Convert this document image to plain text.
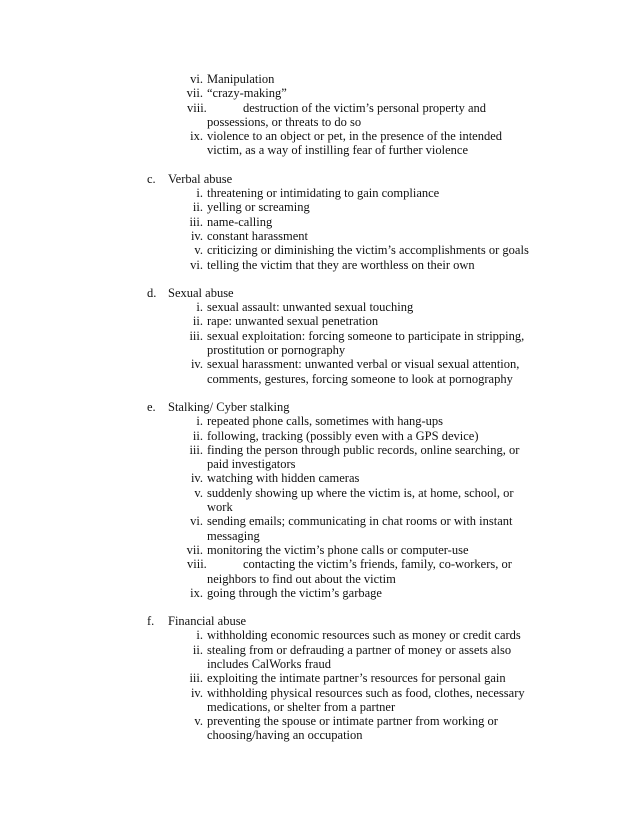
vi. Manipulation
vii. “crazy-making”
viii.	destruction of the victim’s personal property and possessions, or threats to do so
ix. violence to an object or pet, in the presence of the intended victim, as a way of instilling fear of further violence
c. Verbal abuse
i. threatening or intimidating to gain compliance
ii. yelling or screaming
iii. name-calling
iv. constant harassment
v. criticizing or diminishing the victim’s accomplishments or goals
vi. telling the victim that they are worthless on their own
d. Sexual abuse
i. sexual assault: unwanted sexual touching
ii. rape: unwanted sexual penetration
iii. sexual exploitation: forcing someone to participate in stripping, prostitution or pornography
iv. sexual harassment: unwanted verbal or visual sexual attention, comments, gestures, forcing someone to look at pornography
e. Stalking/ Cyber stalking
i. repeated phone calls, sometimes with hang-ups
ii. following, tracking (possibly even with a GPS device)
iii. finding the person through public records, online searching, or paid investigators
iv. watching with hidden cameras
v. suddenly showing up where the victim is, at home, school, or work
vi. sending emails; communicating in chat rooms or with instant messaging
vii. monitoring the victim’s phone calls or computer-use
viii.	contacting the victim’s friends, family, co-workers, or neighbors to find out about the victim
ix. going through the victim’s garbage
f. Financial abuse
i. withholding economic resources such as money or credit cards
ii. stealing from or defrauding a partner of money or assets also includes CalWorks fraud
iii. exploiting the intimate partner’s resources for personal gain
iv. withholding physical resources such as food, clothes, necessary medications, or shelter from a partner
v. preventing the spouse or intimate partner from working or choosing/having an occupation
